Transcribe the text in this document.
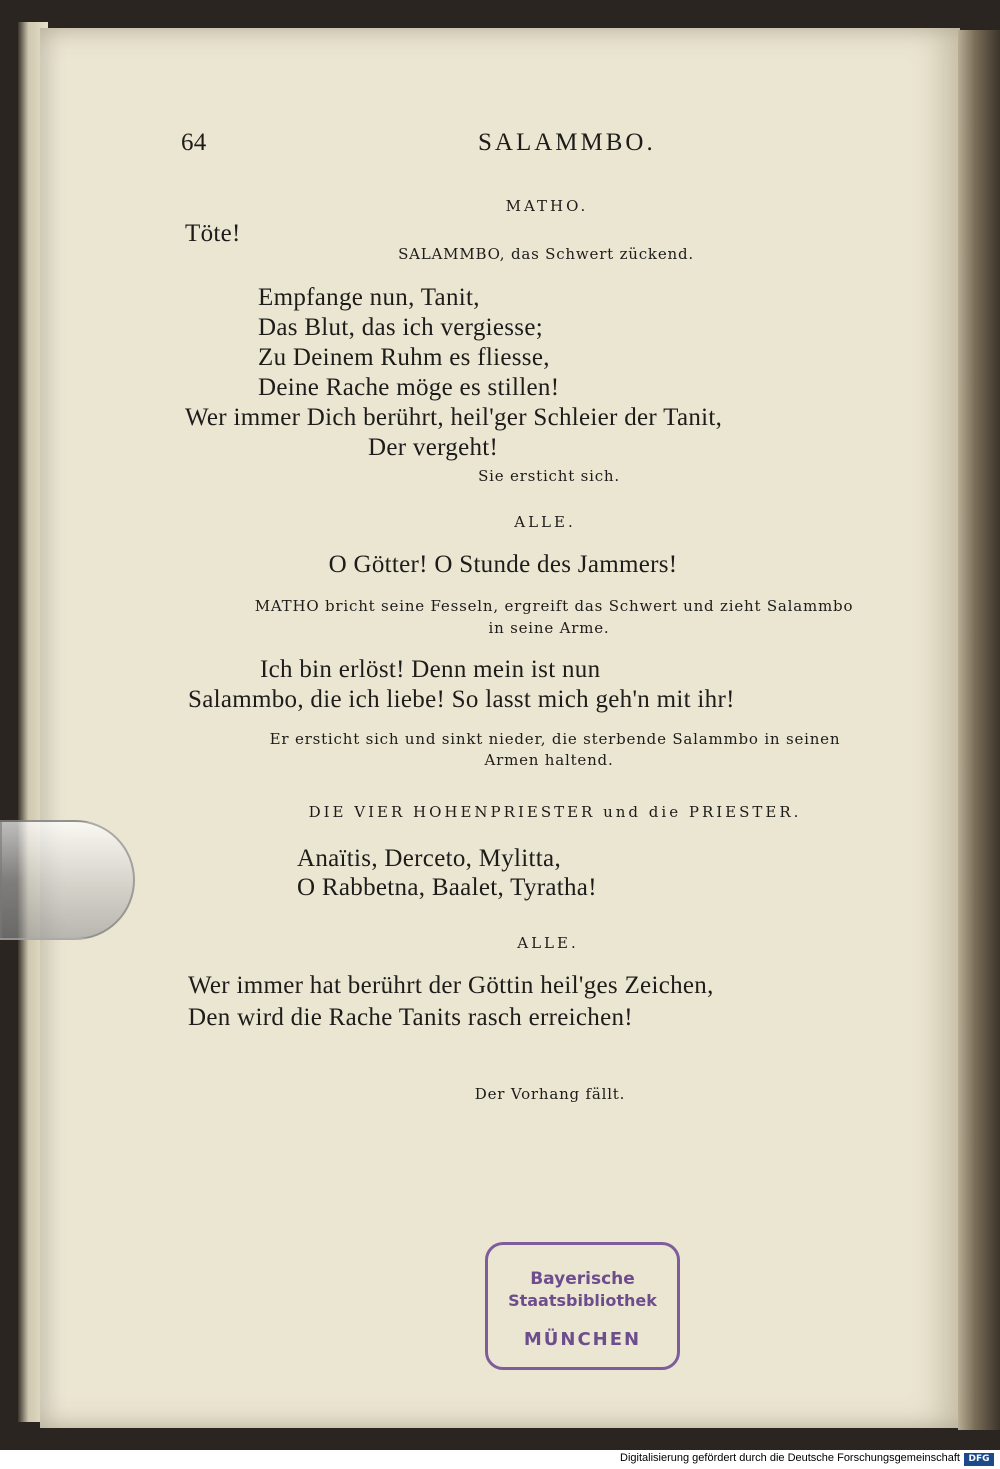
64	SALAMMBO.
MATHO.
Töte!
SALAMMBO, das Schwert zückend.
Empfange nun, Tanit,
Das Blut, das ich vergiesse;
Zu Deinem Ruhm es fliesse,
Deine Rache möge es stillen!
Wer immer Dich berührt, heil'ger Schleier der Tanit,
Der vergeht!
Sie ersticht sich.
ALLE.
O Götter! O Stunde des Jammers!
MATHO bricht seine Fesseln, ergreift das Schwert und zieht Salammbo
in seine Arme.
Ich bin erlöst! Denn mein ist nun
Salammbo, die ich liebe! So lasst mich geh'n mit ihr!
Er ersticht sich und sinkt nieder, die sterbende Salammbo in seinen
Armen haltend.
DIE VIER HOHENPRIESTER und die PRIESTER.
Anaïtis, Derceto, Mylitta,
O Rabbetna, Baalet, Tyratha!
ALLE.
Wer immer hat berührt der Göttin heil'ges Zeichen,
Den wird die Rache Tanits rasch erreichen!
Der Vorhang fällt.
Bayerische
Staatsbibliothek
MÜNCHEN
Digitalisierung gefördert durch die Deutsche Forschungsgemeinschaft DFG
